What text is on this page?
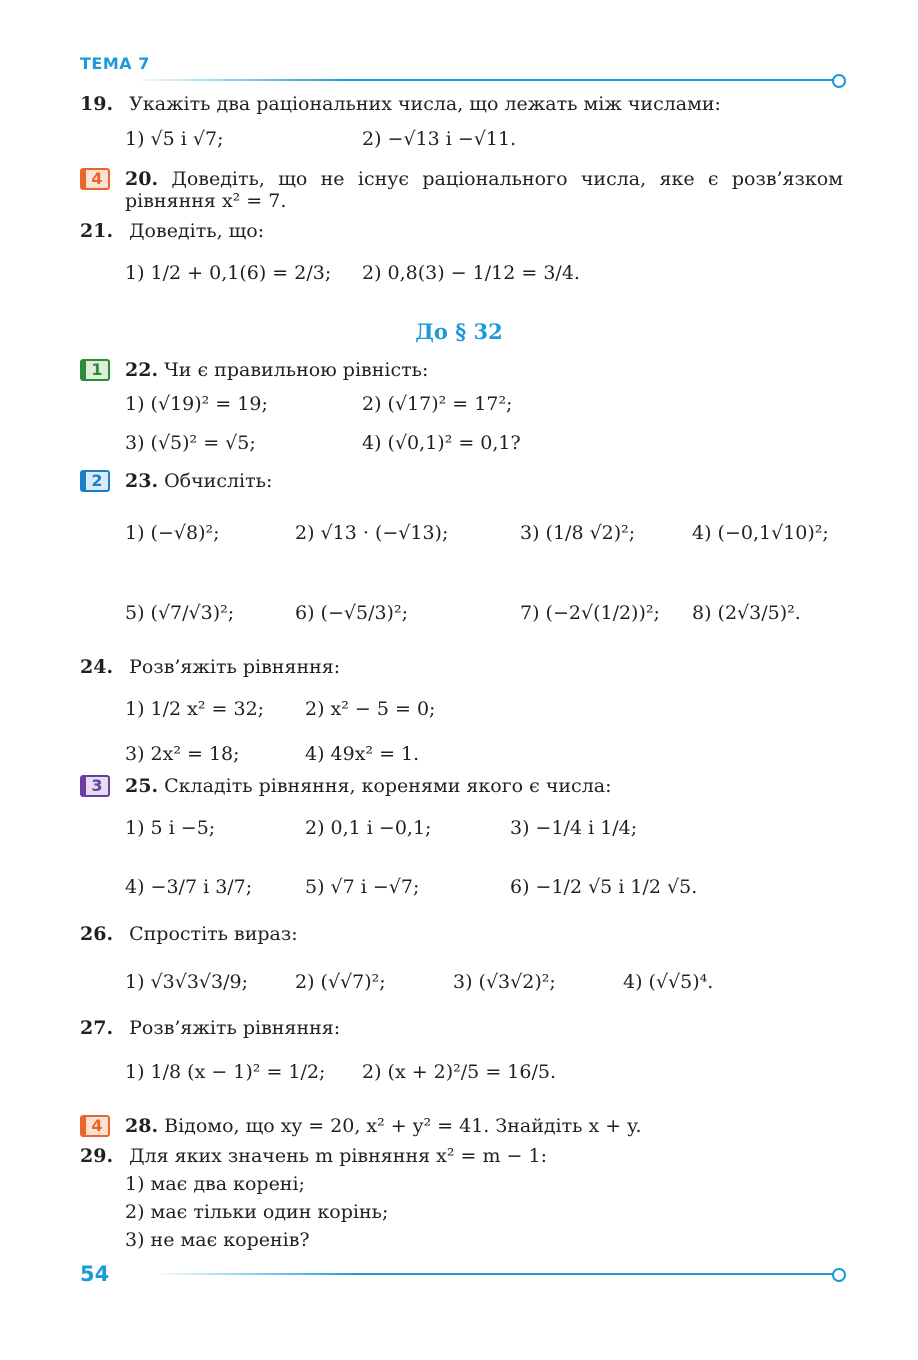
ТЕМА 7
19. Укажіть два раціональних числа, що лежать між числами:
1) √5 і √7;	2) −√13 і −√11.
4	20. Доведіть, що не існує раціонального числа, яке є розв’язком
рівняння x² = 7.
21. Доведіть, що:
1) 1/2 + 0,1(6) = 2/3; 2) 0,8(3) − 1/12 = 3/4.
До § 32
1	22. Чи є правильною рівність:
1) (√19)² = 19;	2) (√17)² = 17²;
3) (√5)² = √5;	4) (√0,1)² = 0,1?
2	23. Обчисліть:
1) (−√8)²;	2) √13 · (−√13);	3) (1/8 √2)²;	4) (−0,1√10)²;
5) (√7/√3)²;	6) (−√5/3)²;	7) (−2√(1/2))²; 8) (2√3/5)².
24. Розв’яжіть рівняння:
1) 1/2 x² = 32; 2) x² − 5 = 0;
3) 2x² = 18;	4) 49x² = 1.
3	25. Складіть рівняння, коренями якого є числа:
1) 5 і −5;	2) 0,1 і −0,1;	3) −1/4 і 1/4;
4) −3/7 і 3/7;	5) √7 і −√7;	6) −1/2 √5 і 1/2 √5.
26. Спростіть вираз:
1) √3√3√3/9; 2) (√√7)²;	3) (√3√2)²;	4) (√√5)⁴.
27. Розв’яжіть рівняння:
1) 1/8 (x − 1)² = 1/2; 2) (x + 2)²/5 = 16/5.
4	28. Відомо, що xy = 20, x² + y² = 41. Знайдіть x + y.
29. Для яких значень m рівняння x² = m − 1:
1) має два корені;
2) має тільки один корінь;
3) не має коренів?
54
